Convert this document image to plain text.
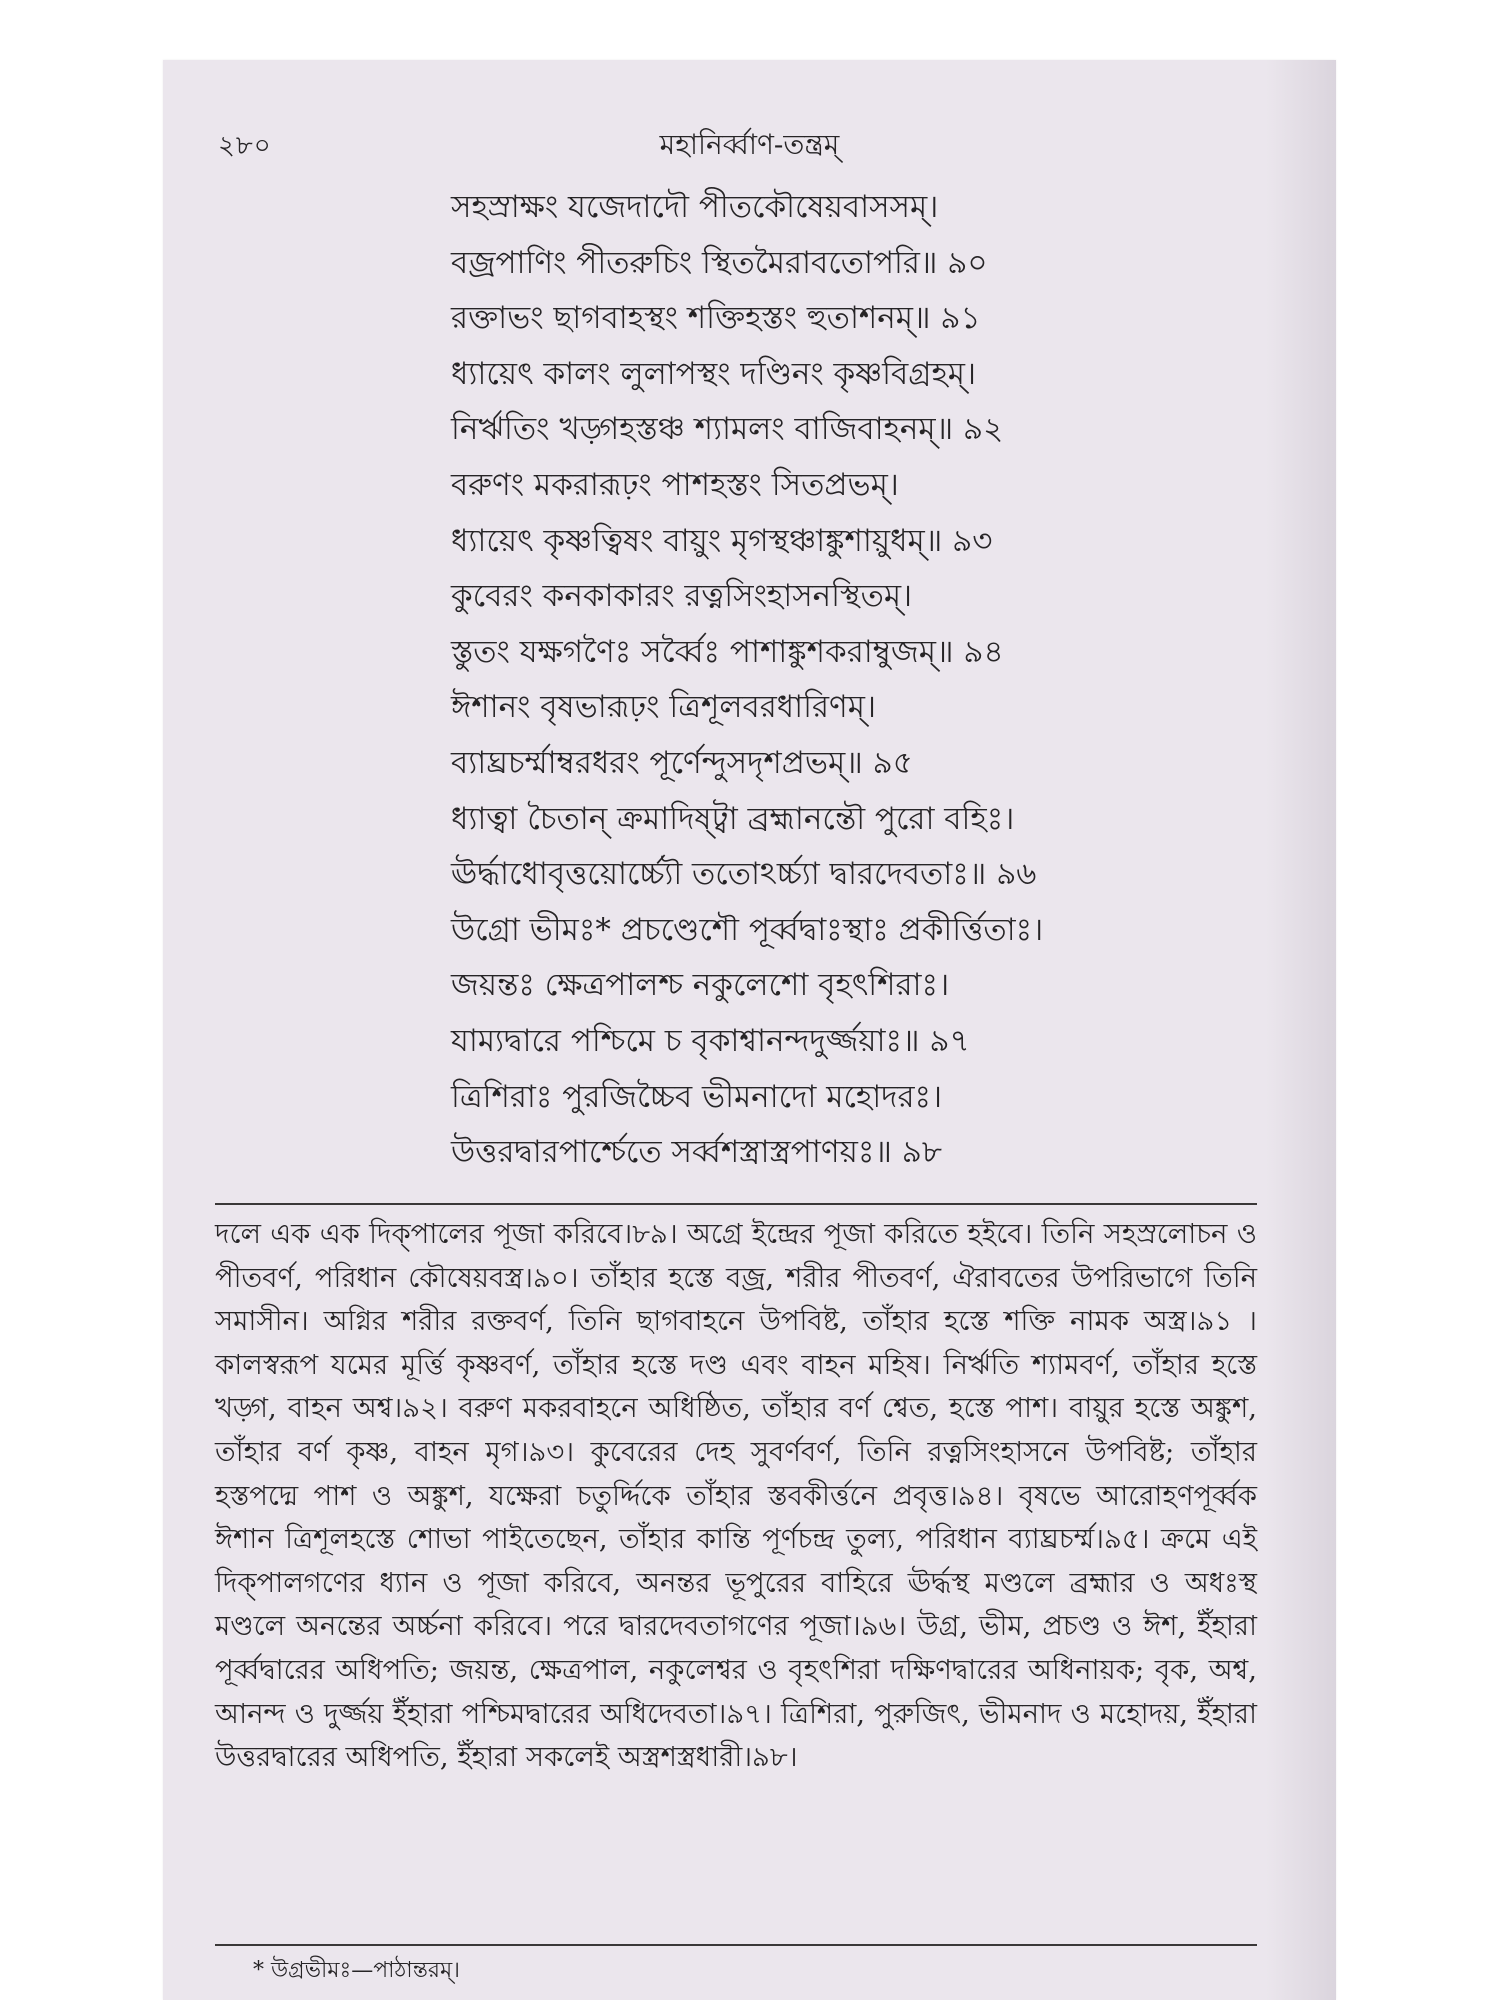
২৮০	মহানির্ব্বাণ-তন্ত্রম্
সহস্রাক্ষং যজেদাদৌ পীতকৌষেয়বাসসম্।
বজ্রপাণিং পীতরুচিং স্থিতমৈরাবতোপরি॥ ৯০
রক্তাভং ছাগবাহস্থং শক্তিহস্তং হুতাশনম্॥ ৯১
ধ্যায়েৎ কালং লুলাপস্থং দণ্ডিনং কৃষ্ণবিগ্রহম্।
নির্ঋতিং খড়্গহস্তঞ্চ শ্যামলং বাজিবাহনম্॥ ৯২
বরুণং মকরারূঢ়ং পাশহস্তং সিতপ্রভম্।
ধ্যায়েৎ কৃষ্ণত্বিষং বায়ুং মৃগস্থঞ্চাঙ্কুশায়ুধম্॥ ৯৩
কুবেরং কনকাকারং রত্নসিংহাসনস্থিতম্।
স্তুতং যক্ষগণৈঃ সর্ব্বৈঃ পাশাঙ্কুশকরাম্বুজম্॥ ৯৪
ঈশানং বৃষভারূঢ়ং ত্রিশূলবরধারিণম্।
ব্যাঘ্রচর্ম্মাম্বরধরং পূর্ণেন্দুসদৃশপ্রভম্॥ ৯৫
ধ্যাত্বা চৈতান্ ক্রমাদিষ্ট্বা ব্রহ্মানন্তৌ পুরো বহিঃ।
ঊর্দ্ধাধোবৃত্তয়োর্চ্চ্যৌ ততোঽর্চ্চ্যা দ্বারদেবতাঃ॥ ৯৬
উগ্রো ভীমঃ* প্রচণ্ডেশৌ পূর্ব্বদ্বাঃস্থাঃ প্রকীর্ত্তিতাঃ।
জয়ন্তঃ ক্ষেত্রপালশ্চ নকুলেশো বৃহৎশিরাঃ।
যাম্যদ্বারে পশ্চিমে চ বৃকাশ্বানন্দদুর্জ্জয়াঃ॥ ৯৭
ত্রিশিরাঃ পুরজিচ্চৈব ভীমনাদো মহোদরঃ।
উত্তরদ্বারপার্শ্চেতে সর্ব্বশস্ত্রাস্ত্রপাণয়ঃ॥ ৯৮
দলে এক এক দিক্‌পালের পূজা করিবে।৮৯। অগ্রে ইন্দ্রের পূজা করিতে হইবে। তিনি সহস্রলোচন ও পীতবর্ণ, পরিধান কৌষেয়বস্ত্র।৯০। তাঁহার হস্তে বজ্র, শরীর পীতবর্ণ, ঐরাবতের উপরিভাগে তিনি সমাসীন। অগ্নির শরীর রক্তবর্ণ, তিনি ছাগবাহনে উপবিষ্ট, তাঁহার হস্তে শক্তি নামক অস্ত্র।৯১ । কালস্বরূপ যমের মূর্ত্তি কৃষ্ণবর্ণ, তাঁহার হস্তে দণ্ড এবং বাহন মহিষ। নির্ঋতি শ্যামবর্ণ, তাঁহার হস্তে খড়্গ, বাহন অশ্ব।৯২। বরুণ মকরবাহনে অধিষ্ঠিত, তাঁহার বর্ণ শ্বেত, হস্তে পাশ। বায়ুর হস্তে অঙ্কুশ, তাঁহার বর্ণ কৃষ্ণ, বাহন মৃগ।৯৩। কুবেরের দেহ সুবর্ণবর্ণ, তিনি রত্নসিংহাসনে উপবিষ্ট; তাঁহার হস্তপদ্মে পাশ ও অঙ্কুশ, যক্ষেরা চতুর্দ্দিকে তাঁহার স্তবকীর্ত্তনে প্রবৃত্ত।৯৪। বৃষভে আরোহণপূর্ব্বক ঈশান ত্রিশূলহস্তে শোভা পাইতেছেন, তাঁহার কান্তি পূর্ণচন্দ্র তুল্য, পরিধান ব্যাঘ্রচর্ম্ম।৯৫। ক্রমে এই দিক্‌পালগণের ধ্যান ও পূজা করিবে, অনন্তর ভূপুরের বাহিরে ঊর্দ্ধস্থ মণ্ডলে ব্রহ্মার ও অধঃস্থ মণ্ডলে অনন্তের অর্চ্চনা করিবে। পরে দ্বারদেবতাগণের পূজা।৯৬। উগ্র, ভীম, প্রচণ্ড ও ঈশ, ইঁহারা পূর্ব্বদ্বারের অধিপতি; জয়ন্ত, ক্ষেত্রপাল, নকুলেশ্বর ও বৃহৎশিরা দক্ষিণদ্বারের অধিনায়ক; বৃক, অশ্ব, আনন্দ ও দুর্জ্জয় ইঁহারা পশ্চিমদ্বারের অধিদেবতা।৯৭। ত্রিশিরা, পুরুজিৎ, ভীমনাদ ও মহোদয়, ইঁহারা উত্তরদ্বারের অধিপতি, ইঁহারা সকলেই অস্ত্রশস্ত্রধারী।৯৮।
* উগ্রভীমঃ—পাঠান্তরম্।
